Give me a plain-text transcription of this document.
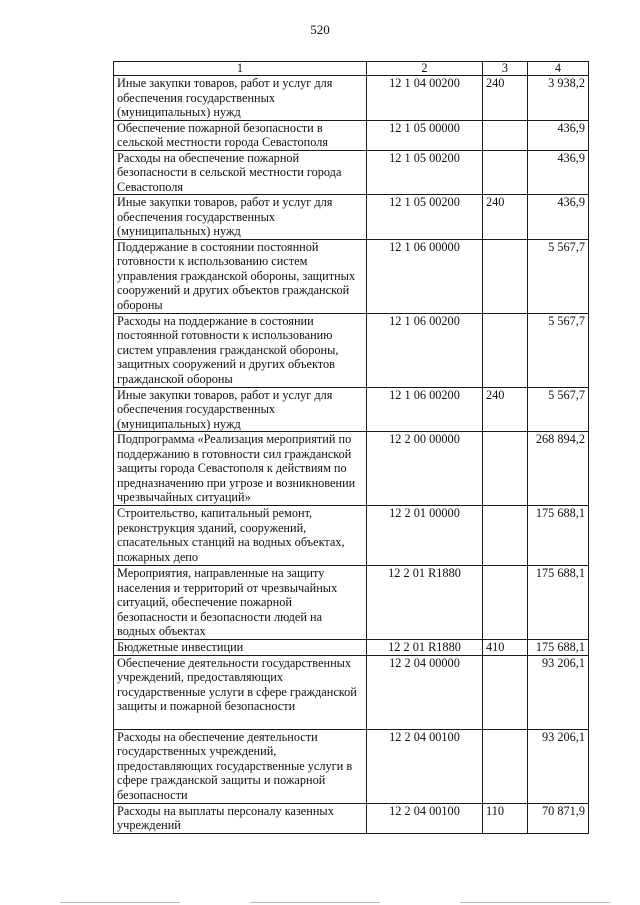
520
1	2	3	4
Иные закупки товаров, работ и услуг для обеспечения государственных (муниципальных) нужд	12 1 04 00200	240	3 938,2
Обеспечение пожарной безопасности в сельской местности города Севастополя	12 1 05 00000		436,9
Расходы на обеспечение пожарной безопасности в сельской местности города Севастополя	12 1 05 00200		436,9
Иные закупки товаров, работ и услуг для обеспечения государственных (муниципальных) нужд	12 1 05 00200	240	436,9
Поддержание в состоянии постоянной готовности к использованию систем управления гражданской обороны, защитных сооружений и других объектов гражданской обороны	12 1 06 00000		5 567,7
Расходы на поддержание в состоянии постоянной готовности к использованию систем управления гражданской обороны, защитных сооружений и других объектов гражданской обороны	12 1 06 00200		5 567,7
Иные закупки товаров, работ и услуг для обеспечения государственных (муниципальных) нужд	12 1 06 00200	240	5 567,7
Подпрограмма «Реализация мероприятий по поддержанию в готовности сил гражданской защиты города Севастополя к действиям по предназначению при угрозе и возникновении чрезвычайных ситуаций»	12 2 00 00000		268 894,2
Строительство, капитальный ремонт, реконструкция зданий, сооружений, спасательных станций на водных объектах, пожарных депо	12 2 01 00000		175 688,1
Мероприятия, направленные на защиту населения и территорий от чрезвычайных ситуаций, обеспечение пожарной безопасности и безопасности людей на водных объектах	12 2 01 R1880		175 688,1
Бюджетные инвестиции	12 2 01 R1880	410	175 688,1
Обеспечение деятельности государственных учреждений, предоставляющих государственные услуги в сфере гражданской защиты и пожарной безопасности	12 2 04 00000		93 206,1
Расходы на обеспечение деятельности государственных учреждений, предоставляющих государственные услуги в сфере гражданской защиты и пожарной безопасности	12 2 04 00100		93 206,1
Расходы на выплаты персоналу казенных учреждений	12 2 04 00100	110	70 871,9
